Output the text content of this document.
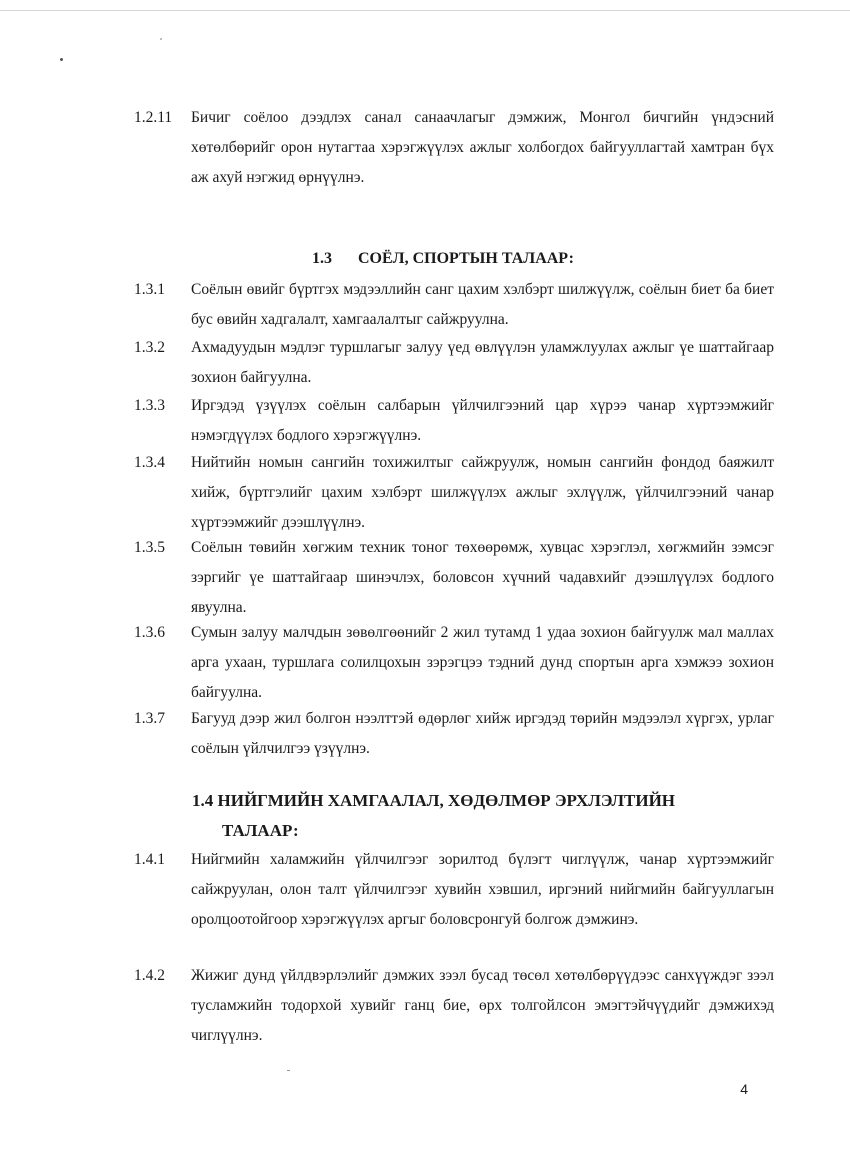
1.2.11 Бичиг соёлоо дээдлэх санал санаачлагыг дэмжиж, Монгол бичгийн үндэсний хөтөлбөрийг орон нутагтаа хэрэгжүүлэх ажлыг холбогдох байгууллагтай хамтран бүх аж ахуй нэгжид өрнүүлнэ.
1.3 СОЁЛ, СПОРТЫН ТАЛААР:
1.3.1 Соёлын өвийг бүртгэх мэдээллийн санг цахим хэлбэрт шилжүүлж, соёлын биет ба биет бус өвийн хадгалалт, хамгаалалтыг сайжруулна.
1.3.2 Ахмадуудын мэдлэг туршлагыг залуу үед өвлүүлэн уламжлуулах ажлыг үе шаттайгаар зохион байгуулна.
1.3.3 Иргэдэд үзүүлэх соёлын салбарын үйлчилгээний цар хүрээ чанар хүртээмжийг нэмэгдүүлэх бодлого хэрэгжүүлнэ.
1.3.4 Нийтийн номын сангийн тохижилтыг сайжруулж, номын сангийн фондод баяжилт хийж, бүртгэлийг цахим хэлбэрт шилжүүлэх ажлыг эхлүүлж, үйлчилгээний чанар хүртээмжийг дээшлүүлнэ.
1.3.5 Соёлын төвийн хөгжим техник тоног төхөөрөмж, хувцас хэрэглэл, хөгжмийн зэмсэг зэргийг үе шаттайгаар шинэчлэх, боловсон хүчний чадавхийг дээшлүүлэх бодлого явуулна.
1.3.6 Сумын залуу малчдын зөвөлгөөнийг 2 жил тутамд 1 удаа зохион байгуулж мал маллах арга ухаан, туршлага солилцохын зэрэгцээ тэдний дунд спортын арга хэмжээ зохион байгуулна.
1.3.7 Багууд дээр жил болгон нээлттэй өдөрлөг хийж иргэдэд төрийн мэдээлэл хүргэх, урлаг соёлын үйлчилгээ үзүүлнэ.
1.4 НИЙГМИЙН ХАМГААЛАЛ, ХӨДӨЛМӨР ЭРХЛЭЛТИЙН
ТАЛААР:
1.4.1 Нийгмийн халамжийн үйлчилгээг зорилтод бүлэгт чиглүүлж, чанар хүртээмжийг сайжруулан, олон талт үйлчилгээг хувийн хэвшил, иргэний нийгмийн байгууллагын оролцоотойгоор хэрэгжүүлэх аргыг боловсронгуй болгож дэмжинэ.
1.4.2 Жижиг дунд үйлдвэрлэлийг дэмжих зээл бусад төсөл хөтөлбөрүүдээс санхүүждэг зээл тусламжийн тодорхой хувийг ганц бие, өрх толгойлсон эмэгтэйчүүдийг дэмжихэд чиглүүлнэ.
4
